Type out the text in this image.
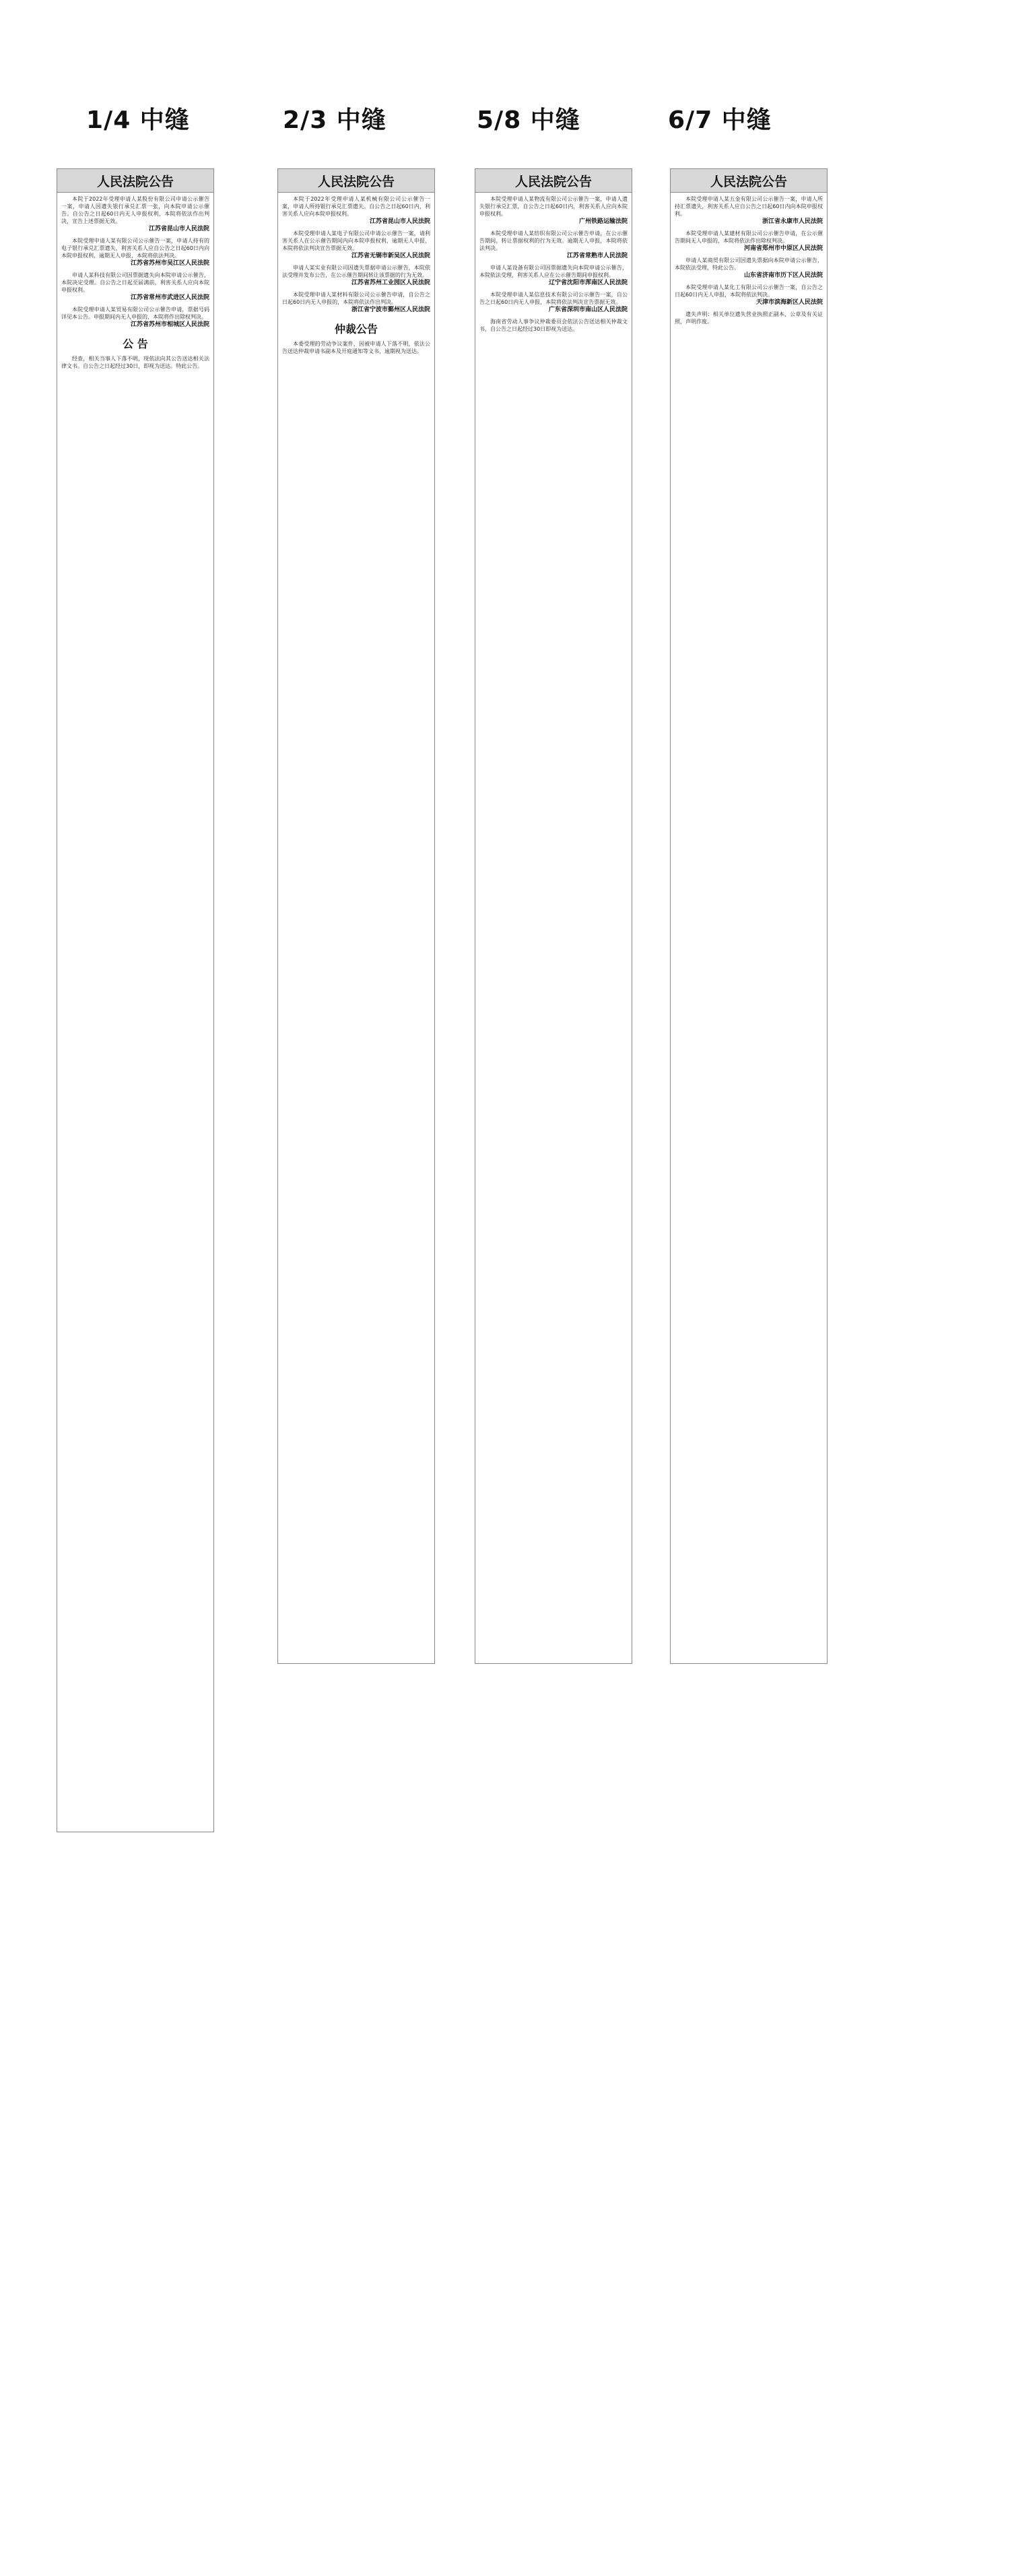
1/4 中缝	2/3 中缝	5/8 中缝	6/7 中缝
人民法院公告
本院于2022年受理申请人某股份有限公司申请公示催告一案，申请人因遗失银行承兑汇票一张，向本院申请公示催告。自公告之日起60日内无人申报权利，本院将依法作出判决，宣告上述票据无效。
江苏省昆山市人民法院
本院受理申请人某有限公司公示催告一案，申请人持有的电子银行承兑汇票遗失，利害关系人应自公告之日起60日内向本院申报权利，逾期无人申报，本院将依法判决。
江苏省苏州市吴江区人民法院
申请人某科技有限公司因票据遗失向本院申请公示催告，本院决定受理。自公告之日起至届满前，利害关系人应向本院申报权利。
江苏省常州市武进区人民法院
本院受理申请人某贸易有限公司公示催告申请，票据号码详见本公告。申报期间内无人申报的，本院将作出除权判决。
江苏省苏州市相城区人民法院
公 告
经查，相关当事人下落不明，现依法向其公告送达相关法律文书。自公告之日起经过30日，即视为送达。特此公告。
人民法院公告
本院于2022年受理申请人某机械有限公司公示催告一案，申请人所持银行承兑汇票遗失。自公告之日起60日内，利害关系人应向本院申报权利。
江苏省昆山市人民法院
本院受理申请人某电子有限公司申请公示催告一案，请利害关系人在公示催告期间内向本院申报权利，逾期无人申报，本院将依法判决宣告票据无效。
江苏省无锡市新吴区人民法院
申请人某实业有限公司因遗失票据申请公示催告，本院依法受理并发布公告，在公示催告期间转让该票据的行为无效。
江苏省苏州工业园区人民法院
本院受理申请人某材料有限公司公示催告申请，自公告之日起60日内无人申报的，本院将依法作出判决。
浙江省宁波市鄞州区人民法院
仲裁公告
本委受理的劳动争议案件，因被申请人下落不明，依法公告送达仲裁申请书副本及开庭通知等文书，逾期视为送达。
人民法院公告
本院受理申请人某物流有限公司公示催告一案，申请人遗失银行承兑汇票，自公告之日起60日内，利害关系人应向本院申报权利。
广州铁路运输法院
本院受理申请人某纺织有限公司公示催告申请，在公示催告期间，转让票据权利的行为无效。逾期无人申报，本院将依法判决。
江苏省常熟市人民法院
申请人某设备有限公司因票据遗失向本院申请公示催告，本院依法受理，利害关系人应在公示催告期间申报权利。
辽宁省沈阳市浑南区人民法院
本院受理申请人某信息技术有限公司公示催告一案，自公告之日起60日内无人申报，本院将依法判决宣告票据无效。
广东省深圳市南山区人民法院
海南省劳动人事争议仲裁委员会依法公告送达相关仲裁文书，自公告之日起经过30日即视为送达。
人民法院公告
本院受理申请人某五金有限公司公示催告一案，申请人所持汇票遗失，利害关系人应自公告之日起60日内向本院申报权利。
浙江省永康市人民法院
本院受理申请人某建材有限公司公示催告申请，在公示催告期间无人申报的，本院将依法作出除权判决。
河南省郑州市中原区人民法院
申请人某商贸有限公司因遗失票据向本院申请公示催告，本院依法受理，特此公告。
山东省济南市历下区人民法院
本院受理申请人某化工有限公司公示催告一案，自公告之日起60日内无人申报，本院将依法判决。
天津市滨海新区人民法院
遗失声明：相关单位遗失营业执照正副本、公章及有关证照，声明作废。
